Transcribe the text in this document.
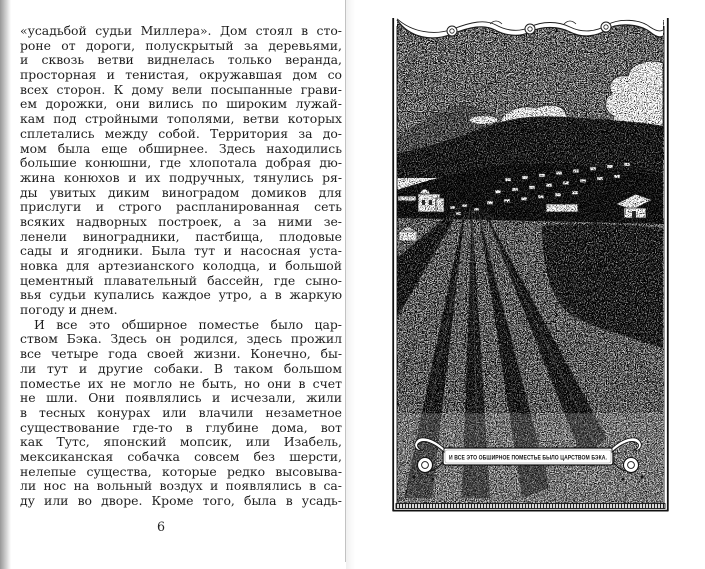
«усадьбой судьи Миллера». Дом стоял в сто-
роне от дороги, полускрытый за деревьями,
и сквозь ветви виднелась только веранда,
просторная и тенистая, окружавшая дом со
всех сторон. К дому вели посыпанные грави-
ем дорожки, они вились по широким лужай-
кам под стройными тополями, ветви которых
сплетались между собой. Территория за до-
мом была еще обширнее. Здесь находились
большие конюшни, где хлопотала добрая дю-
жина конюхов и их подручных, тянулись ря-
ды увитых диким виноградом домиков для
прислуги и строго распланированная сеть
всяких надворных построек, а за ними зе-
ленели виноградники, пастбища, плодовые
сады и ягодники. Была тут и насосная уста-
новка для артезианского колодца, и большой
цементный плавательный бассейн, где сыно-
вья судьи купались каждое утро, а в жаркую
погоду и днем.
И все это обширное поместье было цар-
ством Бэка. Здесь он родился, здесь прожил
все четыре года своей жизни. Конечно, бы-
ли тут и другие собаки. В таком большом
поместье их не могло не быть, но они в счет
не шли. Они появлялись и исчезали, жили
в тесных конурах или влачили незаметное
существование где-то в глубине дома, вот
как Тутс, японский мопсик, или Изабель,
мексиканская собачка совсем без шерсти,
нелепые существа, которые редко высовыва-
ли нос на вольный воздух и появлялись в са-
ду или во дворе. Кроме того, была в усадь-
6
И ВСЕ ЭТО ОБШИРНОЕ ПОМЕСТЬЕ БЫЛО ЦАРСТВОМ БЭКА.
и.
